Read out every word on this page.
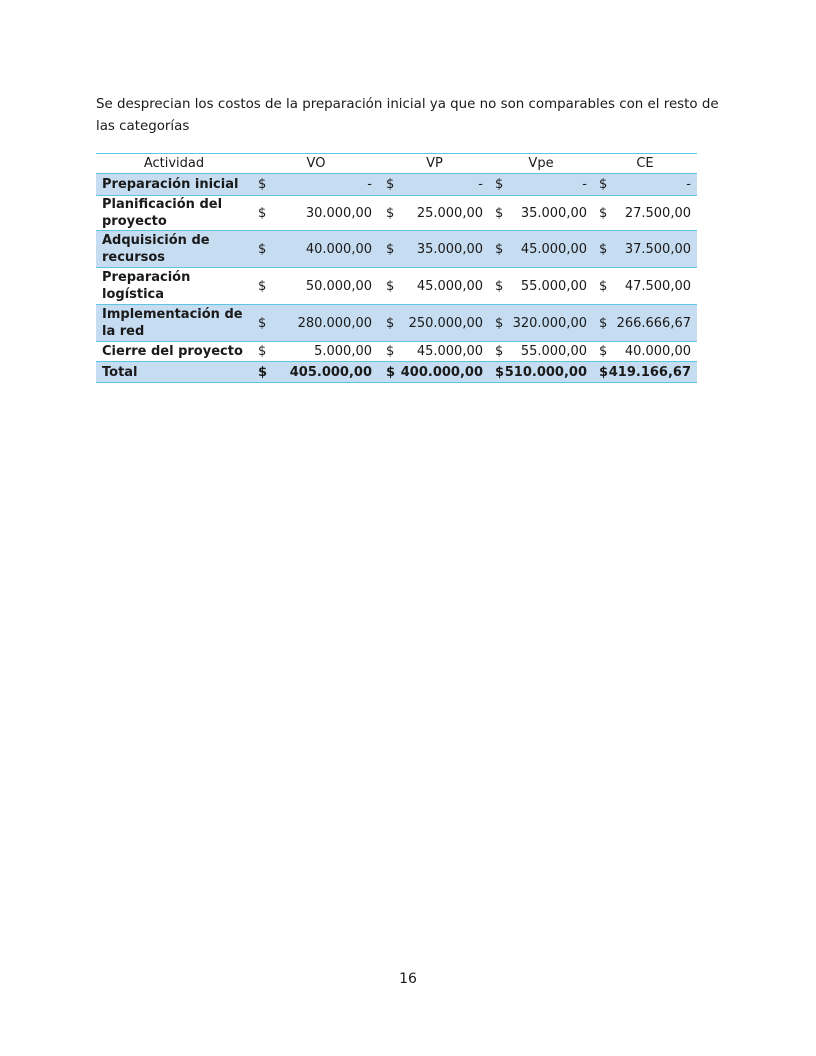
Se desprecian los costos de la preparación inicial ya que no son comparables con el resto de las categorías

Actividad	VO	VP	Vpe	CE
Preparación inicial	$ -	$ -	$ -	$ -

Planificación del proyecto	$ 30.000,00	$ 25.000,00	$ 35.000,00	$ 27.500,00

Adquisición de recursos	$ 40.000,00	$ 35.000,00	$ 45.000,00	$ 37.500,00

Preparación logística	$ 50.000,00	$ 45.000,00	$ 55.000,00	$ 47.500,00

Implementación de la red	$ 280.000,00	$ 250.000,00	$ 320.000,00	$ 266.666,67

Cierre del proyecto	$ 5.000,00	$ 45.000,00	$ 55.000,00	$ 40.000,00

Total	$ 405.000,00	$ 400.000,00	$ 510.000,00	$ 419.166,67
16
